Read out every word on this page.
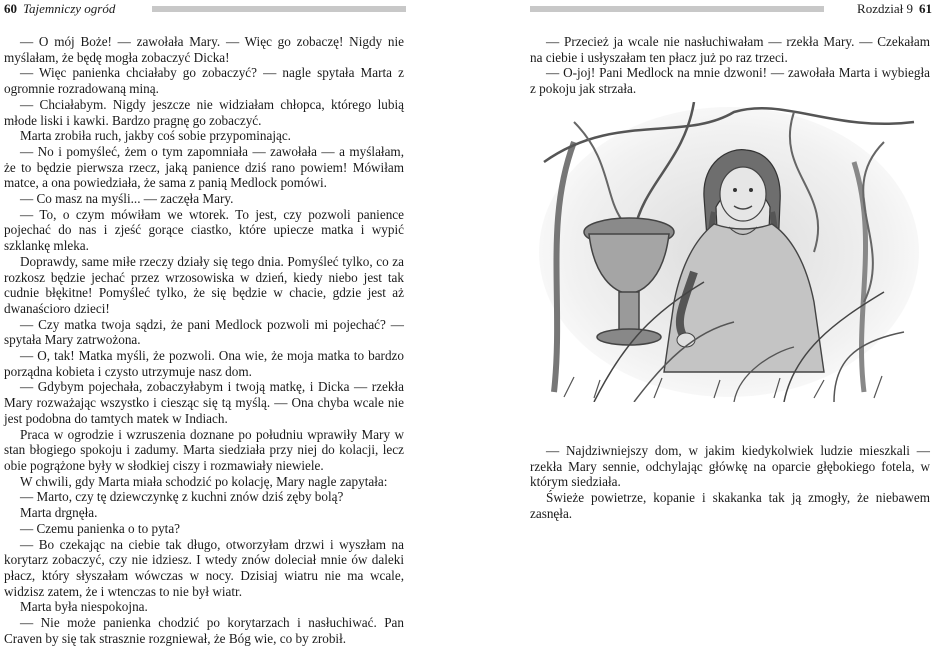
60 Tajemniczy ogród

— O mój Boże! — zawołała Mary. — Więc go zobaczę! Nigdy nie myślałam, że będę mogła zobaczyć Dicka!

— Więc panienka chciałaby go zobaczyć? — nagle spytała Marta z ogromnie rozradowaną miną.

— Chciałabym. Nigdy jeszcze nie widziałam chłopca, którego lubią młode liski i kawki. Bardzo pragnę go zobaczyć.

Marta zrobiła ruch, jakby coś sobie przypominając.

— No i pomyśleć, żem o tym zapomniała — zawołała — a myślałam, że to będzie pierwsza rzecz, jaką panience dziś rano powiem! Mówiłam matce, a ona powiedziała, że sama z panią Medlock pomówi.

— Co masz na myśli... — zaczęła Mary.

— To, o czym mówiłam we wtorek. To jest, czy pozwoli panience pojechać do nas i zjeść gorące ciastko, które upiecze matka i wypić szklankę mleka.

Doprawdy, same miłe rzeczy działy się tego dnia. Pomyśleć tylko, co za rozkosz będzie jechać przez wrzosowiska w dzień, kiedy niebo jest tak cudnie błękitne! Pomyśleć tylko, że się będzie w chacie, gdzie jest aż dwanaścioro dzieci!

— Czy matka twoja sądzi, że pani Medlock pozwoli mi pojechać? — spytała Mary zatrwożona.

— O, tak! Matka myśli, że pozwoli. Ona wie, że moja matka to bardzo porządna kobieta i czysto utrzymuje nasz dom.

— Gdybym pojechała, zobaczyłabym i twoją matkę, i Dicka — rzekła Mary rozważając wszystko i ciesząc się tą myślą. — Ona chyba wcale nie jest podobna do tamtych matek w Indiach.

Praca w ogrodzie i wzruszenia doznane po południu wprawiły Mary w stan błogiego spokoju i zadumy. Marta siedziała przy niej do kolacji, lecz obie pogrążone były w słodkiej ciszy i rozmawiały niewiele.

W chwili, gdy Marta miała schodzić po kolację, Mary nagle zapytała:

— Marto, czy tę dziewczynkę z kuchni znów dziś zęby bolą?

Marta drgnęła.

— Czemu panienka o to pyta?

— Bo czekając na ciebie tak długo, otworzyłam drzwi i wyszłam na korytarz zobaczyć, czy nie idziesz. I wtedy znów doleciał mnie ów daleki płacz, który słyszałam wówczas w nocy. Dzisiaj wiatru nie ma wcale, widzisz zatem, że i wtenczas to nie był wiatr.

Marta była niespokojna.

— Nie może panienka chodzić po korytarzach i nasłuchiwać. Pan Craven by się tak strasznie rozgniewał, że Bóg wie, co by zrobił.

Rozdział 9 61

— Przecież ja wcale nie nasłuchiwałam — rzekła Mary. — Czekałam na ciebie i usłyszałam ten płacz już po raz trzeci.

— O-joj! Pani Medlock na mnie dzwoni! — zawołała Marta i wybiegła z pokoju jak strzała.

— Najdziwniejszy dom, w jakim kiedykolwiek ludzie mieszkali — rzekła Mary sennie, odchylając główkę na oparcie głębokiego fotela, w którym siedziała.

Świeże powietrze, kopanie i skakanka tak ją zmogły, że niebawem zasnęła.
